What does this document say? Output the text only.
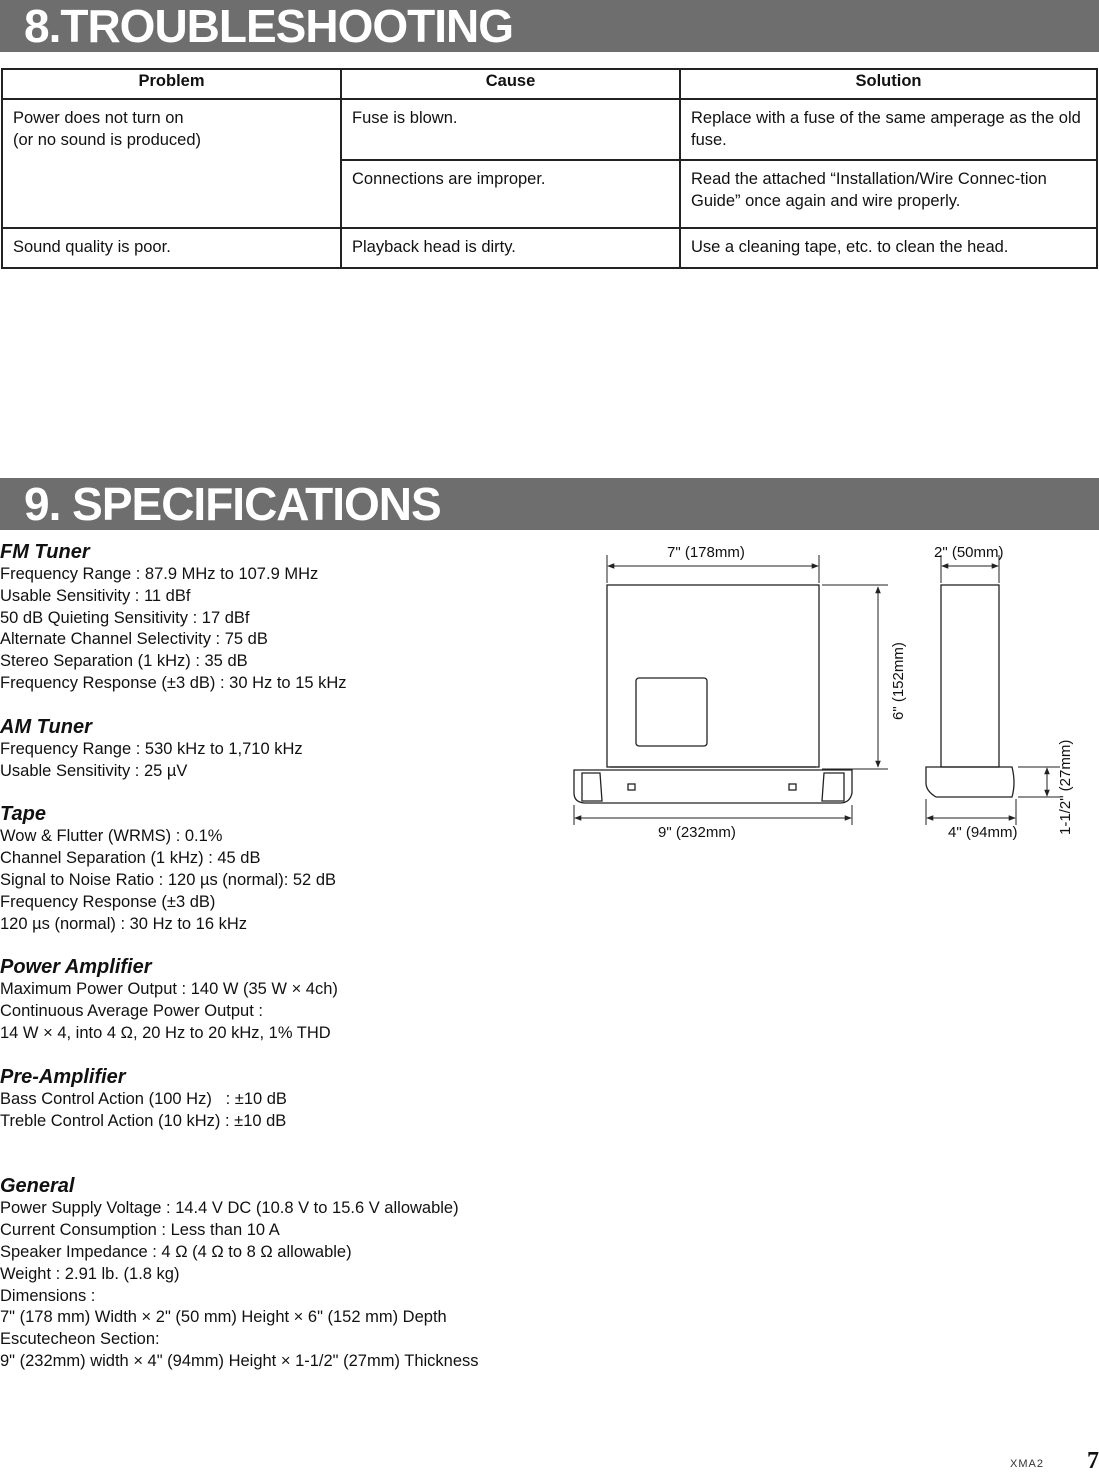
8.TROUBLESHOOTING
Problem	Cause	Solution
Power does not turn on
(or no sound is produced)	Fuse is blown.	Replace with a fuse of the same amperage as the old fuse.
	Connections are improper.	Read the attached “Installation/Wire Connec-tion Guide” once again and wire properly.
Sound quality is poor.	Playback head is dirty.	Use a cleaning tape, etc. to clean the head.
9. SPECIFICATIONS
FM Tuner

Frequency Range : 87.9 MHz to 107.9 MHz

Usable Sensitivity : 11 dBf

50 dB Quieting Sensitivity : 17 dBf

Alternate Channel Selectivity : 75 dB

Stereo Separation (1 kHz) : 35 dB

Frequency Response (±3 dB) : 30 Hz to 15 kHz

AM Tuner

Frequency Range : 530 kHz to 1,710 kHz

Usable Sensitivity : 25 µV

Tape

Wow & Flutter (WRMS) : 0.1%

Channel Separation (1 kHz) : 45 dB

Signal to Noise Ratio : 120 µs (normal): 52 dB

Frequency Response (±3 dB)

120 µs (normal) : 30 Hz to 16 kHz

Power Amplifier

Maximum Power Output : 140 W (35 W × 4ch)

Continuous Average Power Output :

14 W × 4, into 4 Ω, 20 Hz to 20 kHz, 1% THD

Pre-Amplifier

Bass Control Action (100 Hz)   : ±10 dB

Treble Control Action (10 kHz) : ±10 dB

General

Power Supply Voltage : 14.4 V DC (10.8 V to 15.6 V allowable)

Current Consumption : Less than 10 A

Speaker Impedance : 4 Ω (4 Ω to 8 Ω allowable)

Weight : 2.91 lb. (1.8 kg)

Dimensions :

7" (178 mm) Width × 2" (50 mm) Height × 6" (152 mm) Depth

Escutecheon Section:

9" (232mm) width × 4" (94mm) Height × 1-1/2" (27mm) Thickness

7" (178mm)	2" (50mm)
6" (152mm)
9" (232mm)	4" (94mm)	1-1/2" (27mm)
XMA2 7
